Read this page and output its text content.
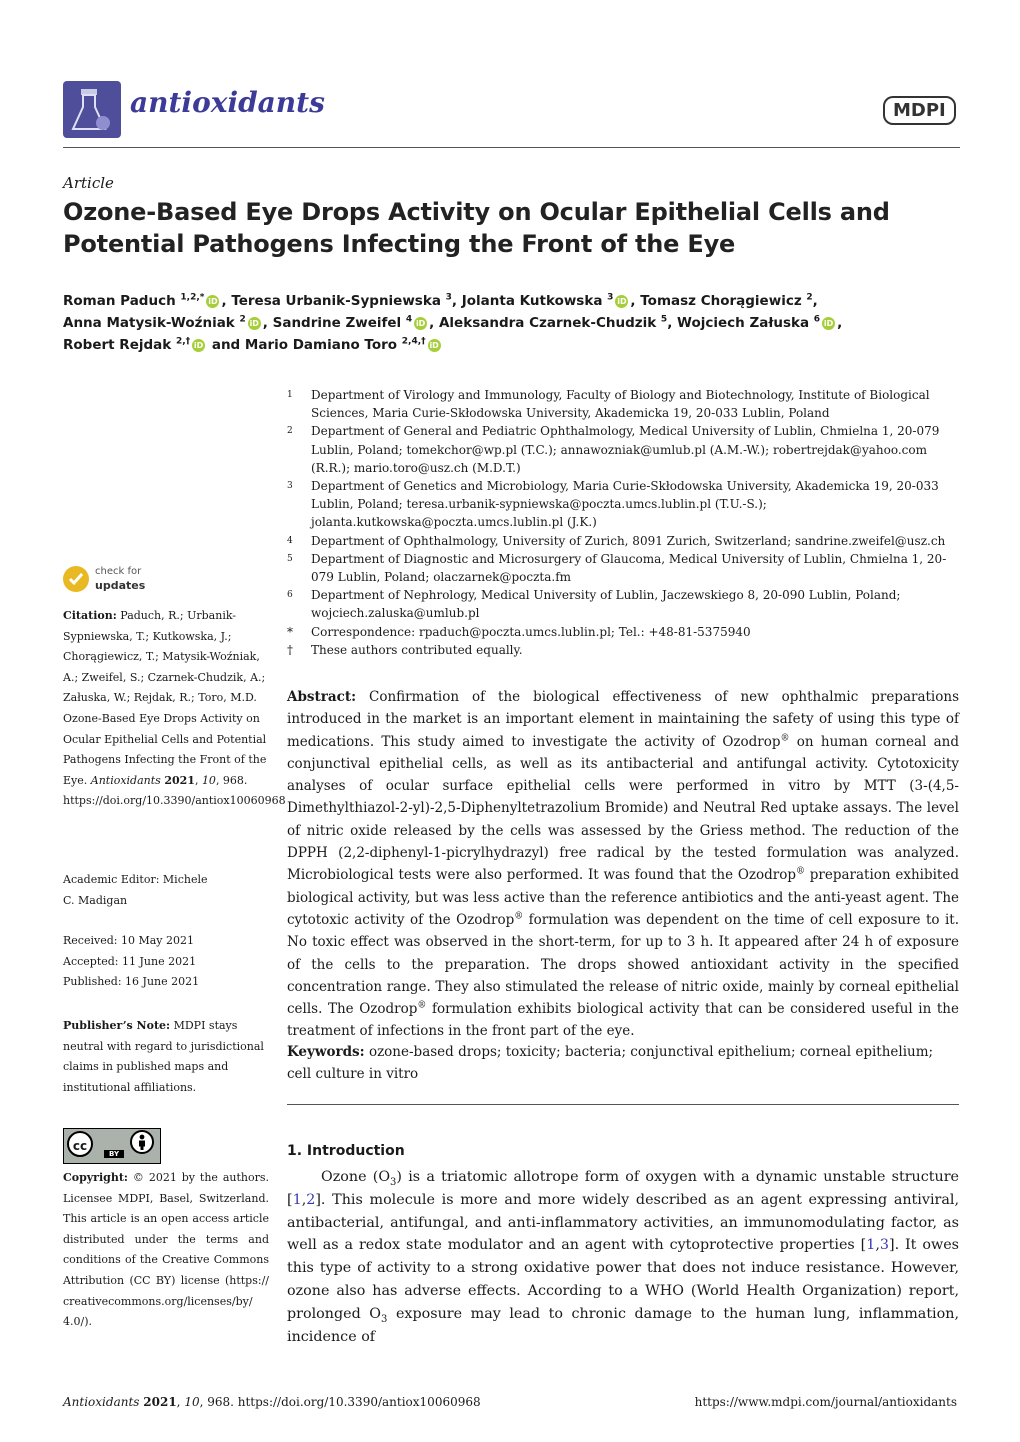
antioxidants	MDPI
Article
Ozone-Based Eye Drops Activity on Ocular Epithelial Cells and Potential Pathogens Infecting the Front of the Eye
Roman Paduch $^{1,2,*}$ iD , Teresa Urbanik-Sypniewska $^3$, Jolanta Kutkowska $^3$ iD , Tomasz Chorągiewicz $^2$,
Anna Matysik-Woźniak $^2$ iD , Sandrine Zweifel $^4$ iD , Aleksandra Czarnek-Chudzik $^5$, Wojciech Załuska $^6$ iD ,
Robert Rejdak $^{2,\dagger}$ iD and Mario Damiano Toro $^{2,4,\dagger}$ iD
1	Department of Virology and Immunology, Faculty of Biology and Biotechnology, Institute of Biological Sciences, Maria Curie-Skłodowska University, Akademicka 19, 20-033 Lublin, Poland
2	Department of General and Pediatric Ophthalmology, Medical University of Lublin, Chmielna 1, 20-079 Lublin, Poland; tomekchor@wp.pl (T.C.); annawozniak@umlub.pl (A.M.-W.); robertrejdak@yahoo.com (R.R.); mario.toro@usz.ch (M.D.T.)
3	Department of Genetics and Microbiology, Maria Curie-Skłodowska University, Akademicka 19, 20-033 Lublin, Poland; teresa.urbanik-sypniewska@poczta.umcs.lublin.pl (T.U.-S.); jolanta.kutkowska@poczta.umcs.lublin.pl (J.K.)
4	Department of Ophthalmology, University of Zurich, 8091 Zurich, Switzerland; sandrine.zweifel@usz.ch
5	Department of Diagnostic and Microsurgery of Glaucoma, Medical University of Lublin, Chmielna 1, 20-079 Lublin, Poland; olaczarnek@poczta.fm
6	Department of Nephrology, Medical University of Lublin, Jaczewskiego 8, 20-090 Lublin, Poland; wojciech.zaluska@umlub.pl
*	Correspondence: rpaduch@poczta.umcs.lublin.pl; Tel.: +48-81-5375940
†	These authors contributed equally.
Abstract: Confirmation of the biological effectiveness of new ophthalmic preparations introduced in the market is an important element in maintaining the safety of using this type of medications. This study aimed to investigate the activity of Ozodrop® on human corneal and conjunctival epithelial cells, as well as its antibacterial and antifungal activity. Cytotoxicity analyses of ocular surface epithelial cells were performed in vitro by MTT (3-(4,5-Dimethylthiazol-2-yl)-2,5-Diphenyltetrazolium Bromide) and Neutral Red uptake assays. The level of nitric oxide released by the cells was assessed by the Griess method. The reduction of the DPPH (2,2-diphenyl-1-picrylhydrazyl) free radical by the tested formulation was analyzed. Microbiological tests were also performed. It was found that the Ozodrop® preparation exhibited biological activity, but was less active than the reference antibiotics and the anti-yeast agent. The cytotoxic activity of the Ozodrop® formulation was dependent on the time of cell exposure to it. No toxic effect was observed in the short-term, for up to 3 h. It appeared after 24 h of exposure of the cells to the preparation. The drops showed antioxidant activity in the specified concentration range. They also stimulated the release of nitric oxide, mainly by corneal epithelial cells. The Ozodrop® formulation exhibits biological activity that can be considered useful in the treatment of infections in the front part of the eye.
Keywords: ozone-based drops; toxicity; bacteria; conjunctival epithelium; corneal epithelium; cell culture in vitro
1. Introduction
Ozone $(O_3)$ is a triatomic allotrope form of oxygen with a dynamic unstable structure [1,2]. This molecule is more and more widely described as an agent expressing antiviral, antibacterial, antifungal, and anti-inflammatory activities, an immunomodulating factor, as well as a redox state modulator and an agent with cytoprotective properties [1,3]. It owes this type of activity to a strong oxidative power that does not induce resistance. However, ozone also has adverse effects. According to a WHO (World Health Organization) report, prolonged $O_3$ exposure may lead to chronic damage to the human lung, inflammation, incidence of
check for
updates
Citation: Paduch, R.; Urbanik-Sypniewska, T.; Kutkowska, J.; Chorągiewicz, T.; Matysik-Woźniak, A.; Zweifel, S.; Czarnek-Chudzik, A.; Załuska, W.; Rejdak, R.; Toro, M.D. Ozone-Based Eye Drops Activity on Ocular Epithelial Cells and Potential Pathogens Infecting the Front of the Eye. Antioxidants 2021, 10, 968. https://doi.org/10.3390/antiox10060968
Academic Editor: Michele C. Madigan
Received: 10 May 2021
Accepted: 11 June 2021
Published: 16 June 2021
Publisher’s Note: MDPI stays neutral with regard to jurisdictional claims in published maps and institutional affiliations.
cc
BY
Copyright: © 2021 by the authors. Licensee MDPI, Basel, Switzerland. This article is an open access article distributed under the terms and conditions of the Creative Commons Attribution (CC BY) license (https:// creativecommons.org/licenses/by/ 4.0/).
Antioxidants 2021, 10, 968. https://doi.org/10.3390/antiox10060968	https://www.mdpi.com/journal/antioxidants
